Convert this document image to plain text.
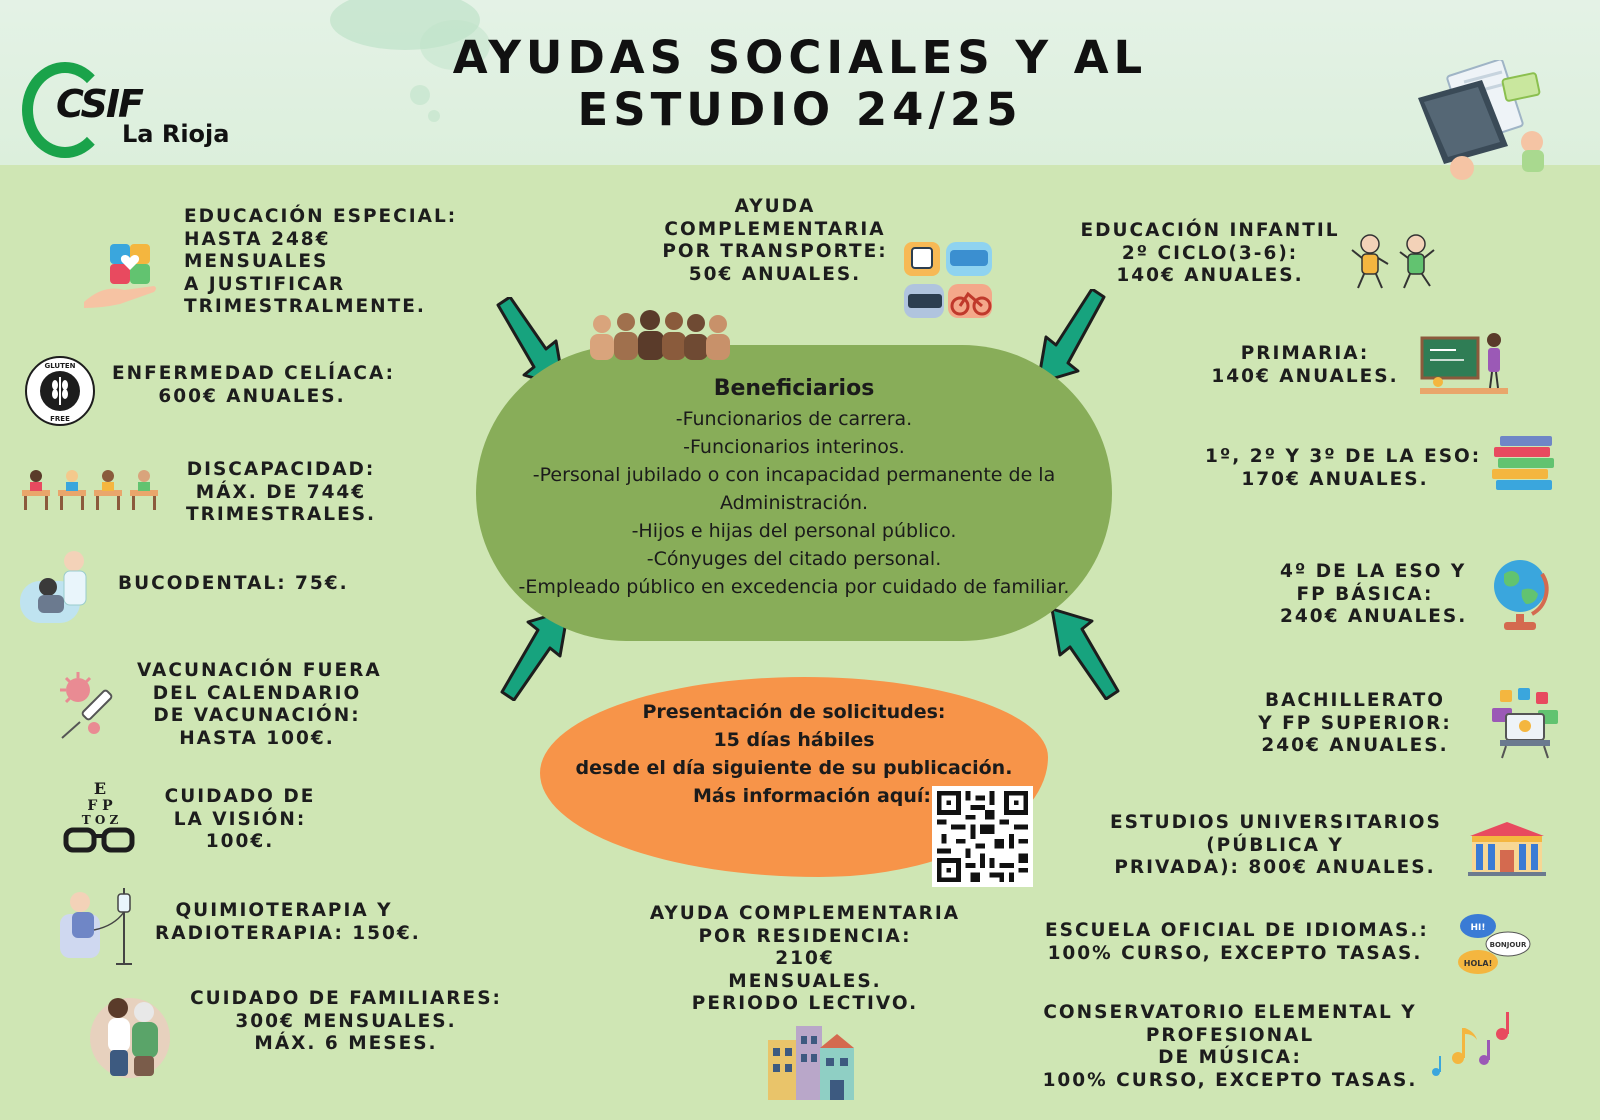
CSIF
La Rioja
AYUDAS SOCIALES Y AL
ESTUDIO 24/25
Beneficiarios
-Funcionarios de carrera.
-Funcionarios interinos.
-Personal jubilado o con incapacidad permanente de la
Administración.
-Hijos e hijas del personal público.
-Cónyuges del citado personal.
-Empleado público en excedencia por cuidado de familiar.
Presentación de solicitudes:
15 días hábiles
desde el día siguiente de su publicación.
Más información aquí:
AYUDA
COMPLEMENTARIA
POR TRANSPORTE:
50€ ANUALES.
AYUDA COMPLEMENTARIA
POR RESIDENCIA:
210€
MENSUALES.
PERIODO LECTIVO.
EDUCACIÓN ESPECIAL:
HASTA 248€
MENSUALES
A JUSTIFICAR
TRIMESTRALMENTE.
GLUTEN
FREE
ENFERMEDAD CELÍACA:
600€ ANUALES.
DISCAPACIDAD:
MÁX. DE 744€
TRIMESTRALES.
BUCODENTAL: 75€.
VACUNACIÓN FUERA
DEL CALENDARIO
DE VACUNACIÓN:
HASTA 100€.
E
F P
T O Z
CUIDADO DE
LA VISIÓN:
100€.
QUIMIOTERAPIA Y
RADIOTERAPIA: 150€.
CUIDADO DE FAMILIARES:
300€ MENSUALES.
MÁX. 6 MESES.
EDUCACIÓN INFANTIL
2º CICLO(3-6):
140€ ANUALES.
PRIMARIA:
140€ ANUALES.
1º, 2º Y 3º DE LA ESO:
170€ ANUALES.
4º DE LA ESO Y
FP BÁSICA:
240€ ANUALES.
BACHILLERATO
Y FP SUPERIOR:
240€ ANUALES.
ESTUDIOS UNIVERSITARIOS
(PÚBLICA Y
PRIVADA): 800€ ANUALES.
ESCUELA OFICIAL DE IDIOMAS.:
100% CURSO, EXCEPTO TASAS.
HI!
BONJOUR
HOLA!
CONSERVATORIO ELEMENTAL Y
PROFESIONAL
DE MÚSICA:
100% CURSO, EXCEPTO TASAS.
